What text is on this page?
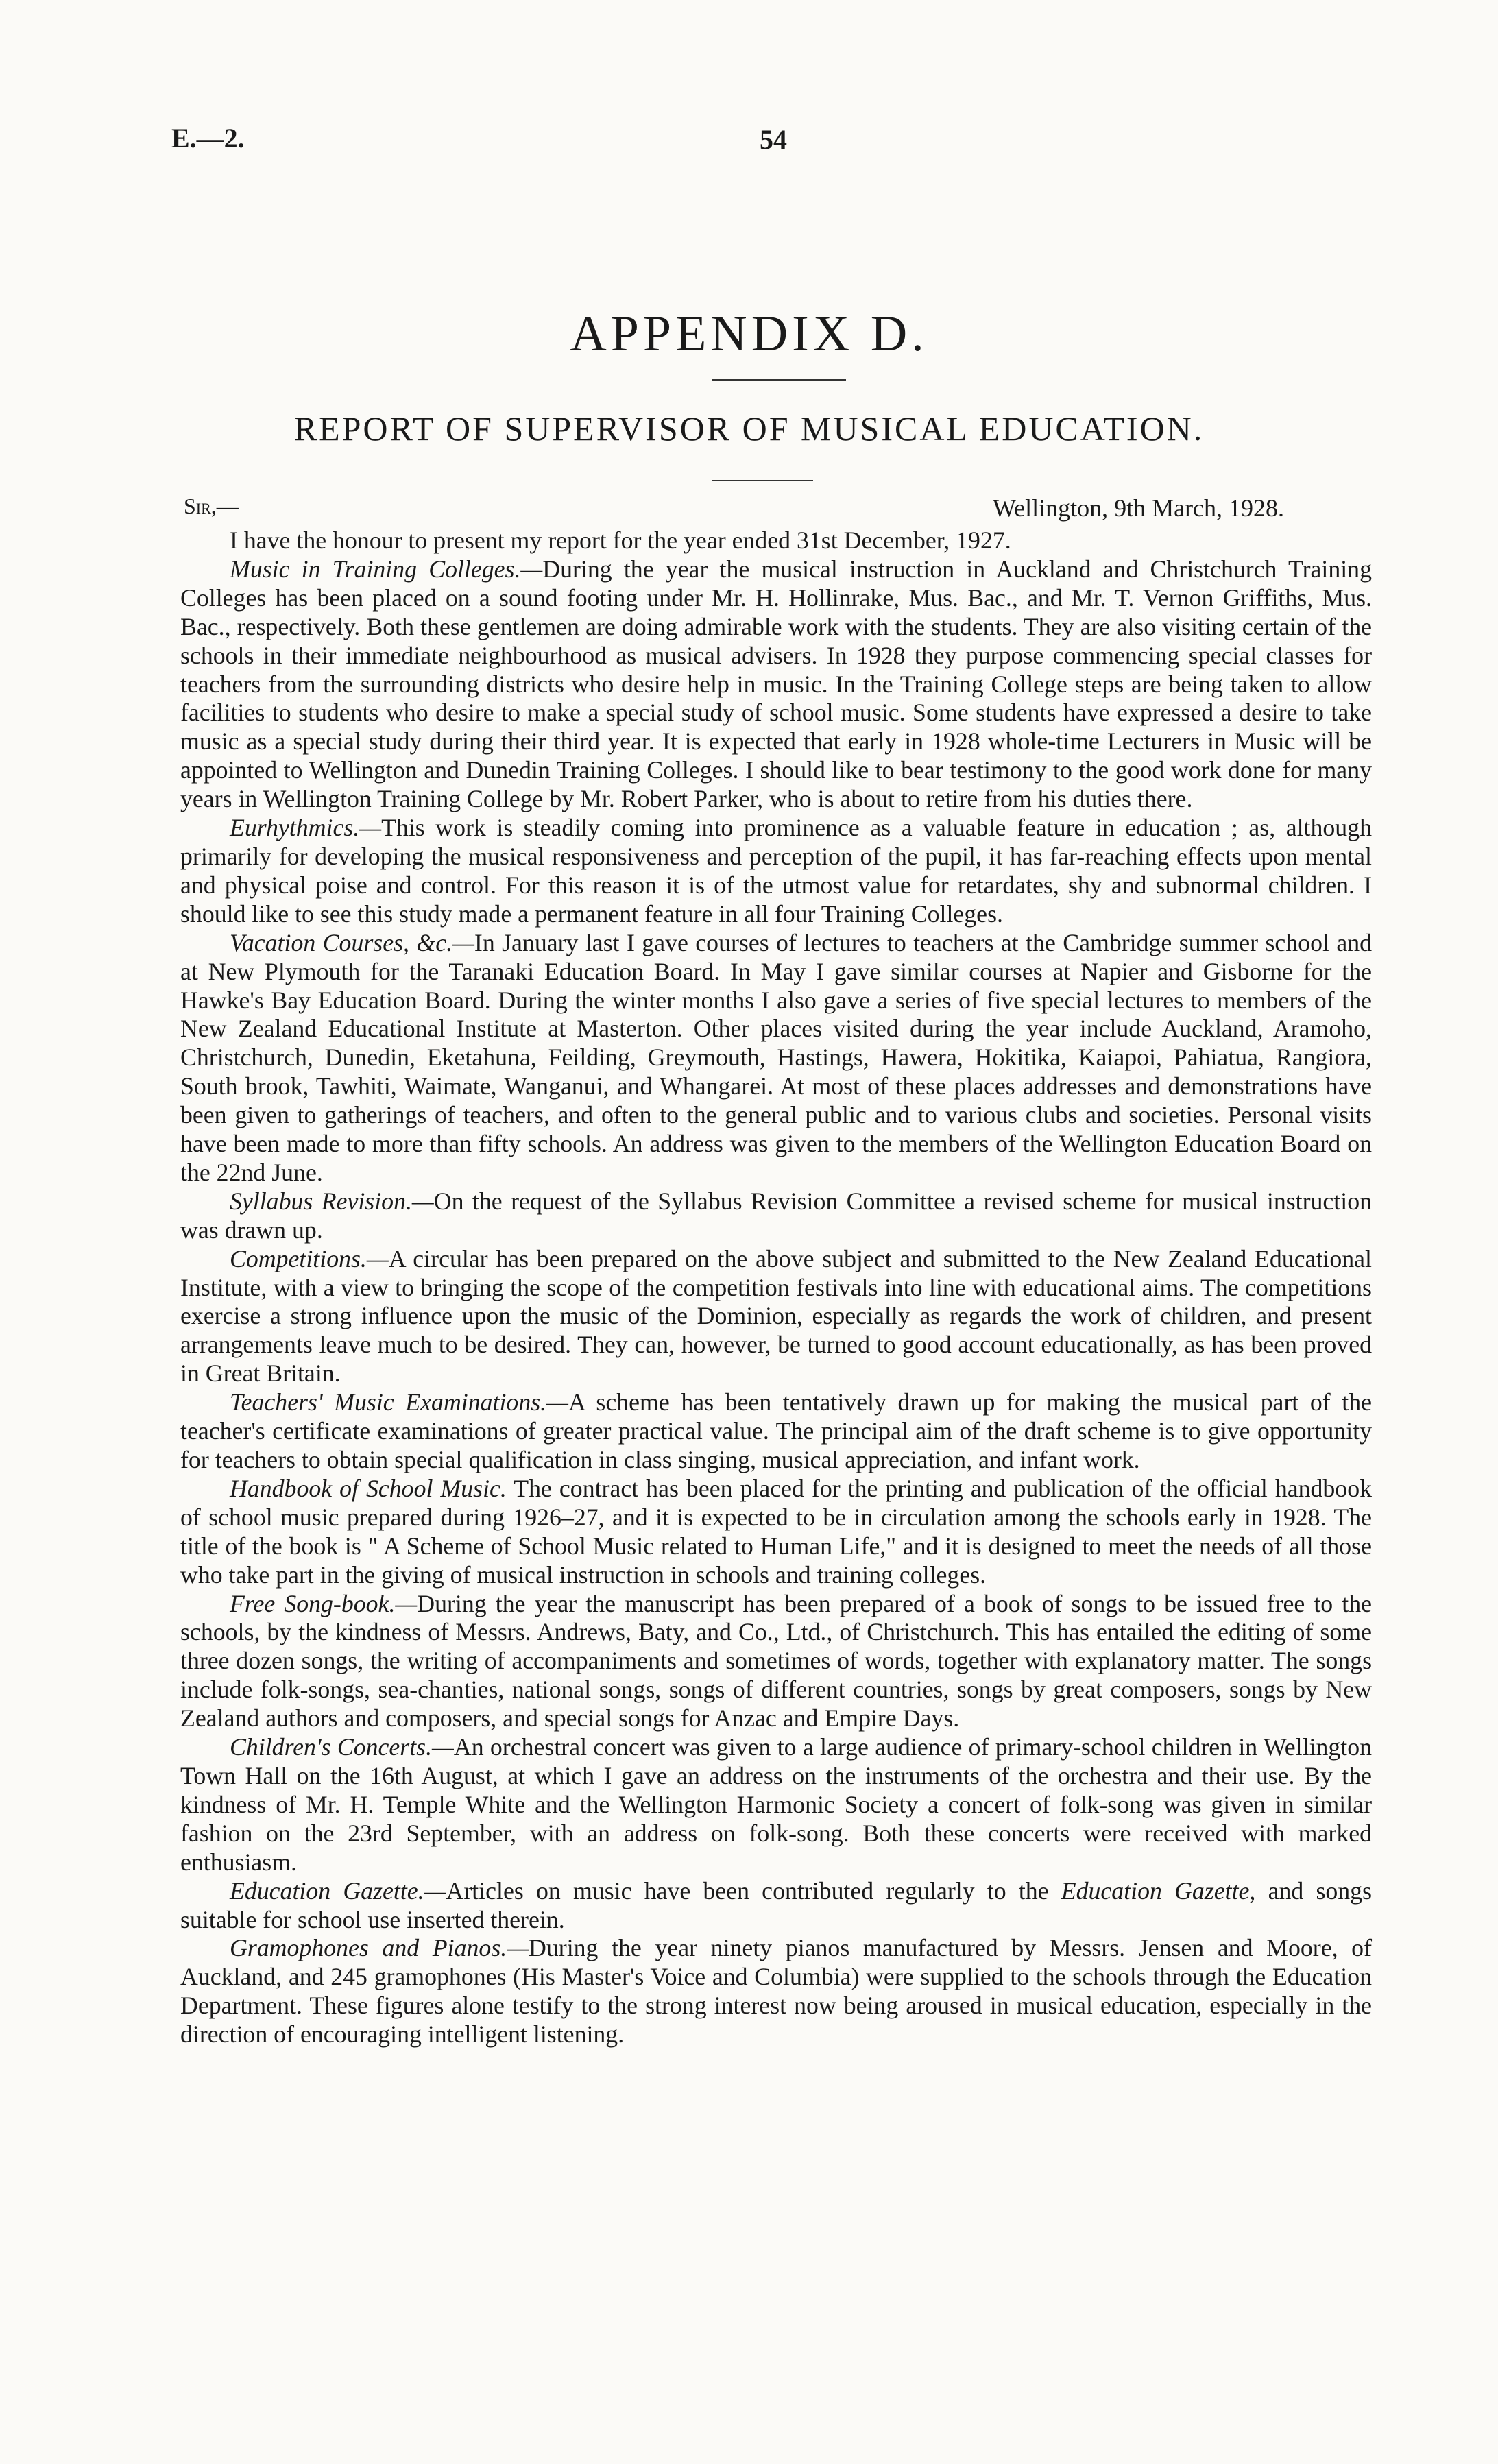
E.—2.	54
APPENDIX D.
REPORT OF SUPERVISOR OF MUSICAL EDUCATION.
Sir,—	Wellington, 9th March, 1928.

I have the honour to present my report for the year ended 31st December, 1927.

Music in Training Colleges.—During the year the musical instruction in Auckland and Christchurch Training Colleges has been placed on a sound footing under Mr. H. Hollinrake, Mus. Bac., and Mr. T. Vernon Griffiths, Mus. Bac., respectively. Both these gentlemen are doing admirable work with the students. They are also visiting certain of the schools in their immediate neighbourhood as musical advisers. In 1928 they purpose commencing special classes for teachers from the surrounding districts who desire help in music. In the Training College steps are being taken to allow facilities to students who desire to make a special study of school music. Some students have expressed a desire to take music as a special study during their third year. It is expected that early in 1928 whole-time Lecturers in Music will be appointed to Wellington and Dunedin Training Colleges. I should like to bear testimony to the good work done for many years in Wellington Training College by Mr. Robert Parker, who is about to retire from his duties there.

Eurhythmics.—This work is steadily coming into prominence as a valuable feature in education ; as, although primarily for developing the musical responsiveness and perception of the pupil, it has far-reaching effects upon mental and physical poise and control. For this reason it is of the utmost value for retardates, shy and subnormal children. I should like to see this study made a permanent feature in all four Training Colleges.

Vacation Courses, &c.—In January last I gave courses of lectures to teachers at the Cambridge summer school and at New Plymouth for the Taranaki Education Board. In May I gave similar courses at Napier and Gisborne for the Hawke's Bay Education Board. During the winter months I also gave a series of five special lectures to members of the New Zealand Educational Institute at Masterton. Other places visited during the year include Auckland, Aramoho, Christchurch, Dunedin, Eketahuna, Feilding, Greymouth, Hastings, Hawera, Hokitika, Kaiapoi, Pahiatua, Rangiora, South brook, Tawhiti, Waimate, Wanganui, and Whangarei. At most of these places addresses and demonstrations have been given to gatherings of teachers, and often to the general public and to various clubs and societies. Personal visits have been made to more than fifty schools. An address was given to the members of the Wellington Education Board on the 22nd June.

Syllabus Revision.—On the request of the Syllabus Revision Committee a revised scheme for musical instruction was drawn up.

Competitions.—A circular has been prepared on the above subject and submitted to the New Zealand Educational Institute, with a view to bringing the scope of the competition festivals into line with educational aims. The competitions exercise a strong influence upon the music of the Dominion, especially as regards the work of children, and present arrangements leave much to be desired. They can, however, be turned to good account educationally, as has been proved in Great Britain.

Teachers' Music Examinations.—A scheme has been tentatively drawn up for making the musical part of the teacher's certificate examinations of greater practical value. The principal aim of the draft scheme is to give opportunity for teachers to obtain special qualification in class singing, musical appreciation, and infant work.

Handbook of School Music. The contract has been placed for the printing and publication of the official handbook of school music prepared during 1926–27, and it is expected to be in circulation among the schools early in 1928. The title of the book is " A Scheme of School Music related to Human Life," and it is designed to meet the needs of all those who take part in the giving of musical instruction in schools and training colleges.

Free Song-book.—During the year the manuscript has been prepared of a book of songs to be issued free to the schools, by the kindness of Messrs. Andrews, Baty, and Co., Ltd., of Christchurch. This has entailed the editing of some three dozen songs, the writing of accompaniments and sometimes of words, together with explanatory matter. The songs include folk-songs, sea-chanties, national songs, songs of different countries, songs by great composers, songs by New Zealand authors and composers, and special songs for Anzac and Empire Days.

Children's Concerts.—An orchestral concert was given to a large audience of primary-school children in Wellington Town Hall on the 16th August, at which I gave an address on the instruments of the orchestra and their use. By the kindness of Mr. H. Temple White and the Wellington Harmonic Society a concert of folk-song was given in similar fashion on the 23rd September, with an address on folk-song. Both these concerts were received with marked enthusiasm.

Education Gazette.—Articles on music have been contributed regularly to the Education Gazette, and songs suitable for school use inserted therein.

Gramophones and Pianos.—During the year ninety pianos manufactured by Messrs. Jensen and Moore, of Auckland, and 245 gramophones (His Master's Voice and Columbia) were supplied to the schools through the Education Department. These figures alone testify to the strong interest now being aroused in musical education, especially in the direction of encouraging intelligent listening.
